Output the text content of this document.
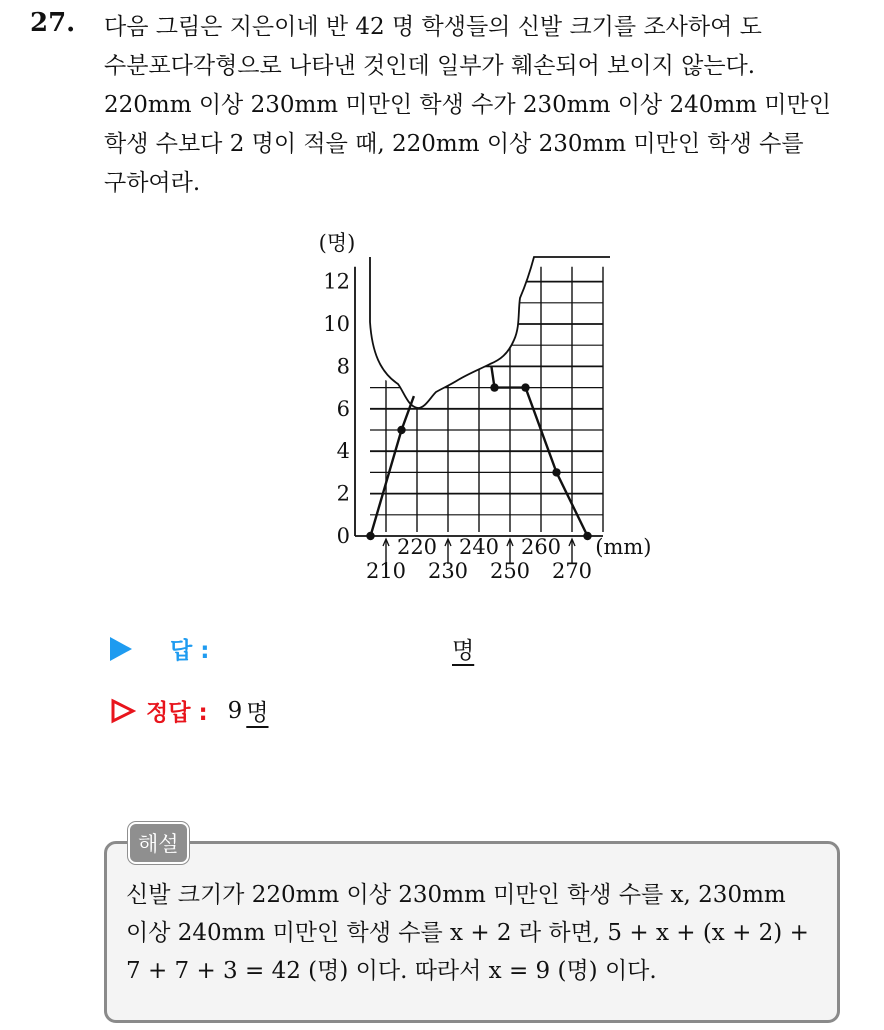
27. 다음 그림은 지은이네 반 42 명 학생들의 신발 크기를 조사하여 도
수분포다각형으로 나타낸 것인데 일부가 훼손되어 보이지 않는다.
220mm 이상 230mm 미만인 학생 수가 230mm 이상 240mm 미만인
학생 수보다 2 명이 적을 때, 220mm 이상 230mm 미만인 학생 수를
구하여라.
(명)
0
2
4
6
8
10
12
210 230 250 270
220 240 260 (mm)
답 :	명
정답 : 9 명
해설
신발 크기가 220mm 이상 230mm 미만인 학생 수를 x, 230mm
이상 240mm 미만인 학생 수를 x + 2 라 하면, 5 + x + (x + 2) +
7 + 7 + 3 = 42 (명) 이다. 따라서 x = 9 (명) 이다.
